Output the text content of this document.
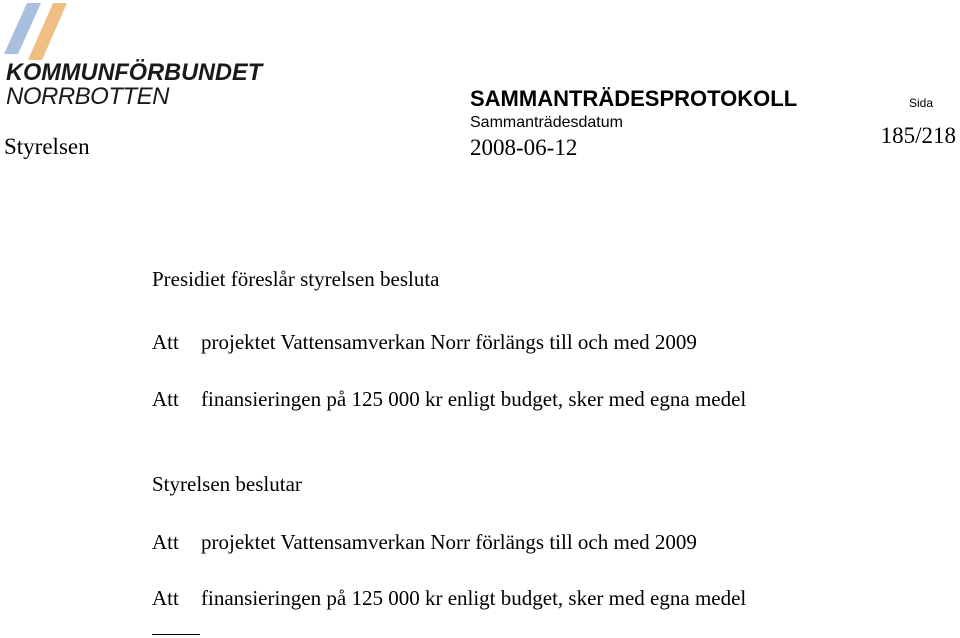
KOMMUNFÖRBUNDET
NORRBOTTEN
Styrelsen
SAMMANTRÄDESPROTOKOLL
Sammanträdesdatum
2008-06-12
Sida
185/218
Presidiet föreslår styrelsen besluta
Att projektet Vattensamverkan Norr förlängs till och med 2009
Att finansieringen på 125 000 kr enligt budget, sker med egna medel
Styrelsen beslutar
Att projektet Vattensamverkan Norr förlängs till och med 2009
Att finansieringen på 125 000 kr enligt budget, sker med egna medel
